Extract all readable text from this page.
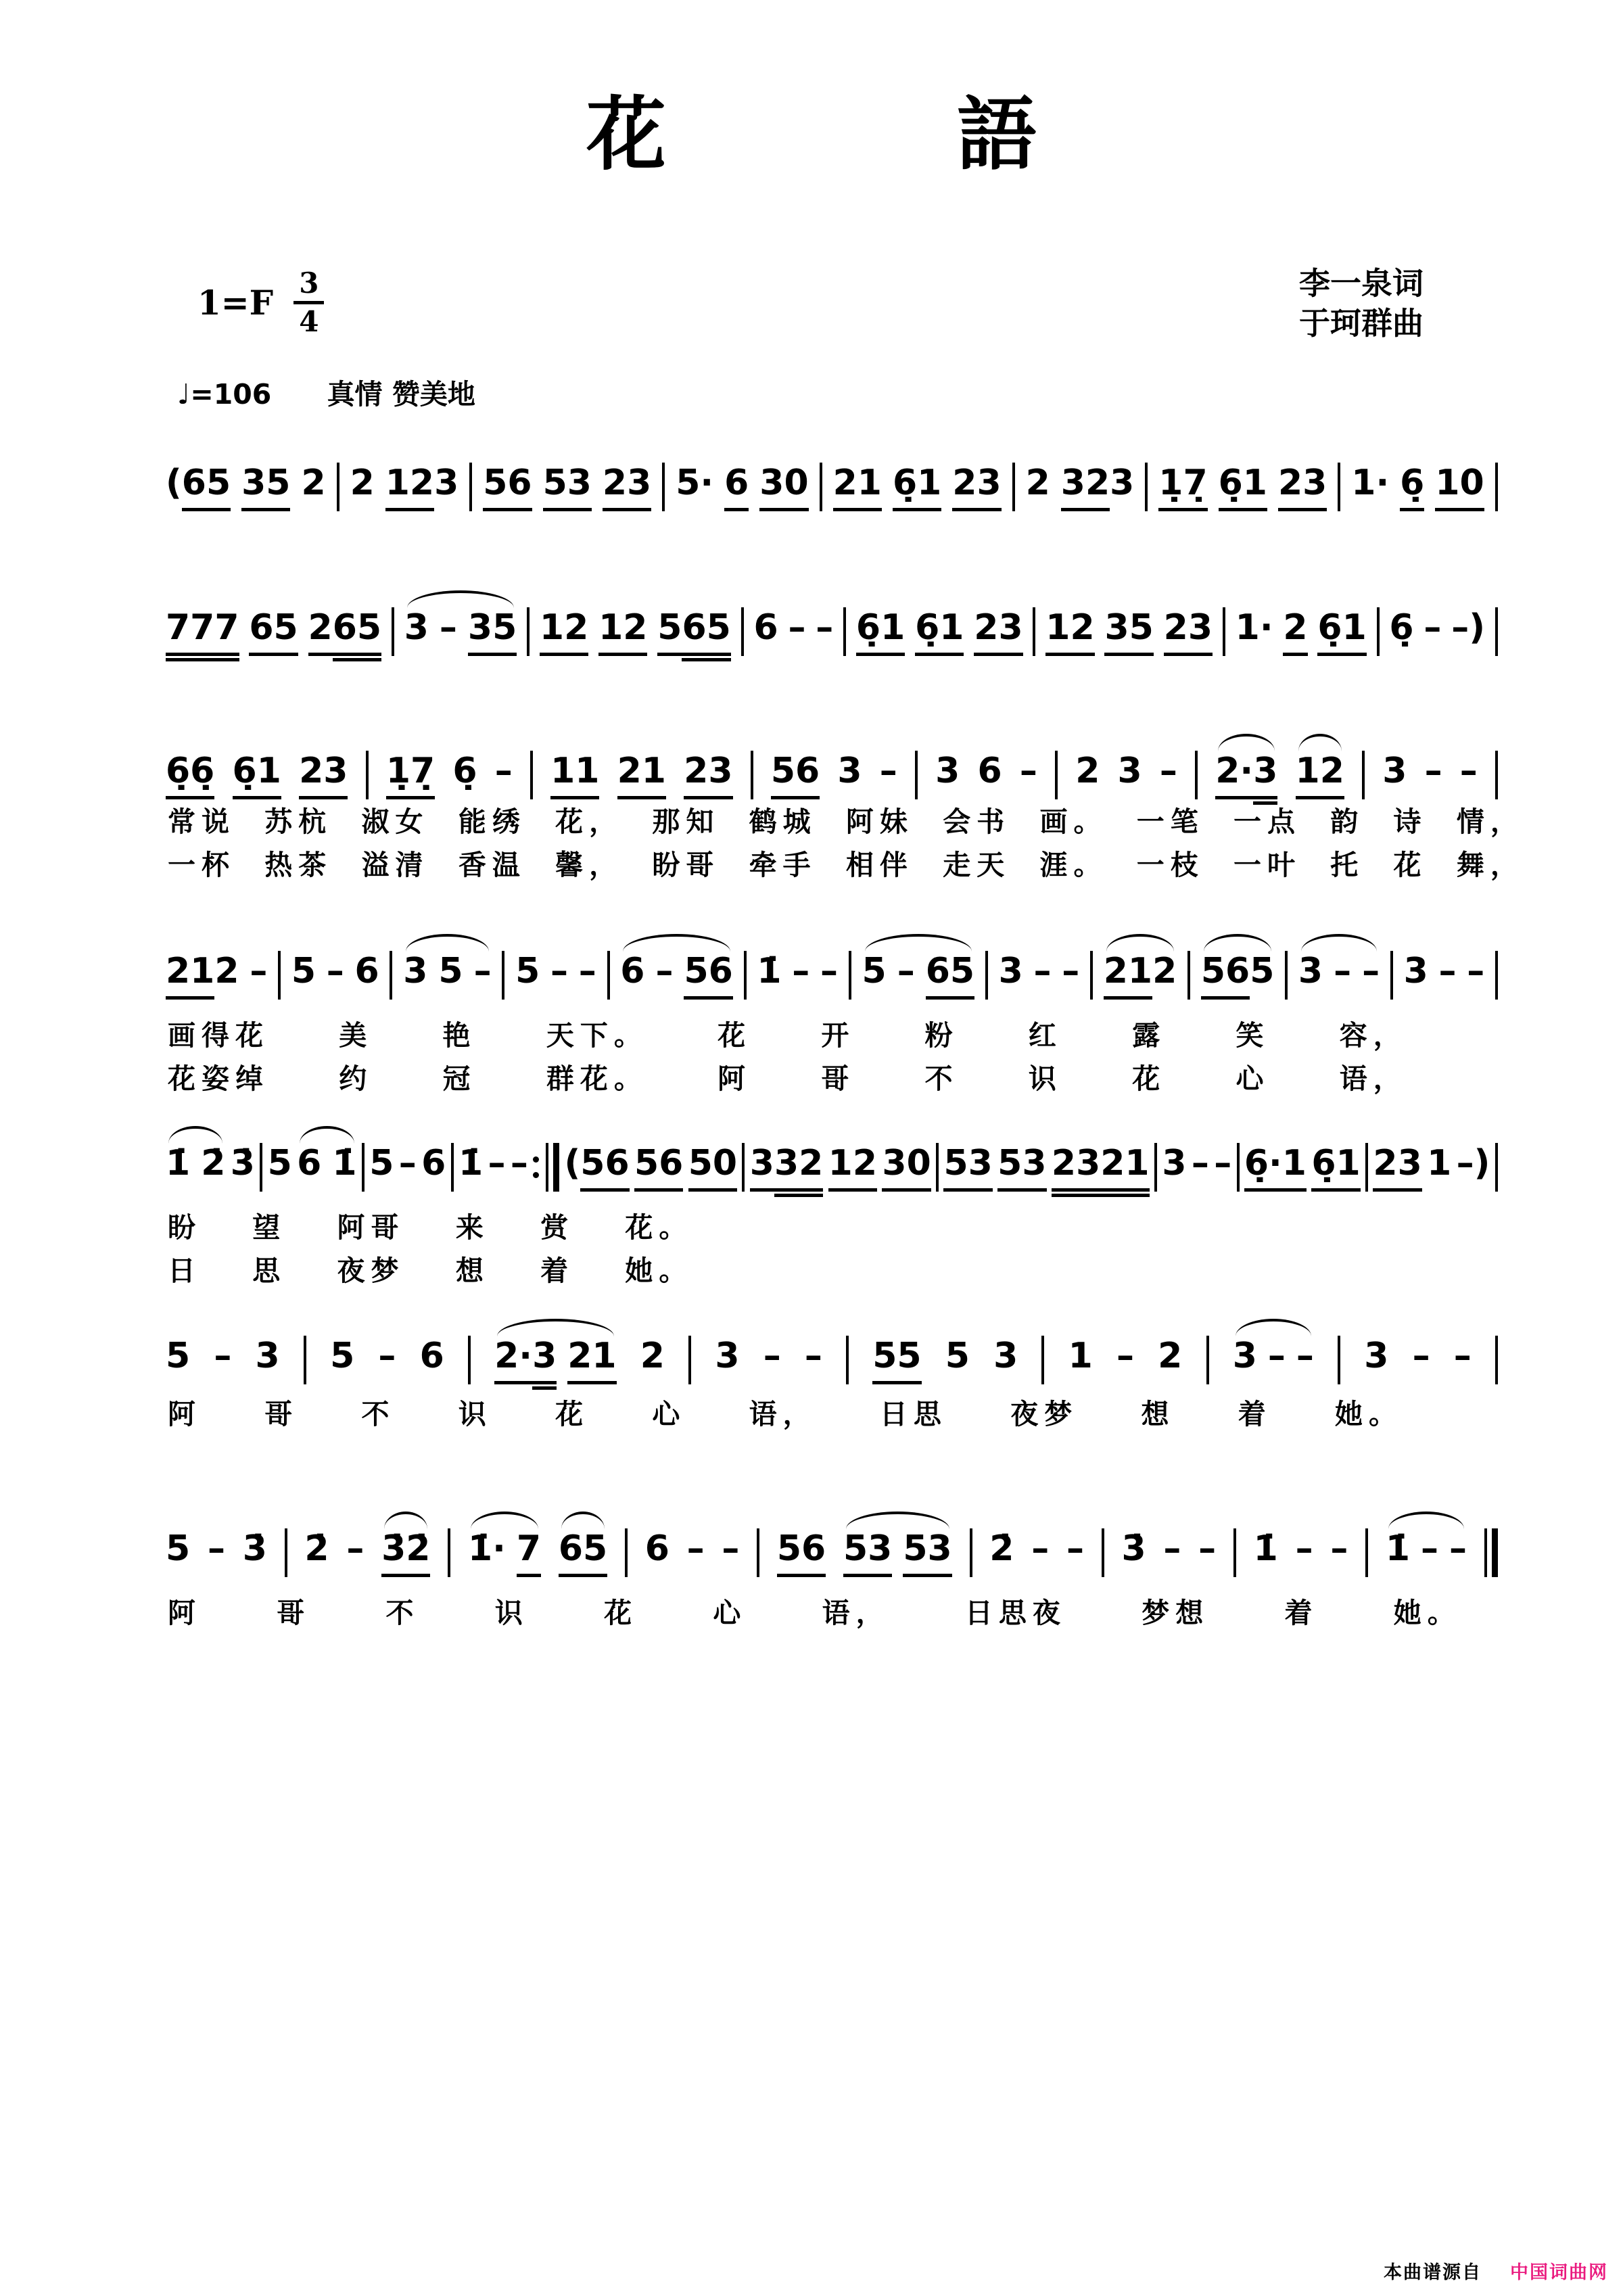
花	語
$1=F \frac{3}{4}$	李一泉词
于珂群曲
♩=106 真情 赞美地
( 65 35 2 2 12 3 56 53 23 5· 6 30 21 6̣1 23 2 32 3 1̣7̣ 6̣1 23 1· 6̣ 10
777 65 2 65 3 – 35 12 12 5 65 6 – – 6̣1 6̣1 23 12 35 23 1· 2 6̣1 6̣ – – )
6̣6̣ 6̣1 23 1̣7̣ 6̣ – 11 21 23 56 3 – 3 6 – 2 3 – 2· 3 12 3 – –
21 2 – 5 – 6 3 5 – 5 – – 6 – 56 1̇ – – 5 – 65 3 – – 21 2 56 5 3 – – 3 – –
1̇ 2̇ 3̇ 5 6 1̇ 5 – 6 1̇ – – ( 56 56 50 3 32 12 30 53 53 2321 3 – – 6̣·1 6̣1 23 1 – )
5 – 3 5 – 6 2· 3 21 2 3 – – 55 5 3 1 – 2 3 – – 3 – –
5 – 3̇ 2̇ – 3̇2̇ 1̇· 7 65 6 – – 56 53 53 2̇ – – 3̇ – – 1̇ – – 1̇ – –
常说 苏杭 淑女 能绣 花， 那知 鹤城 阿妹 会书 画。 一笔 一点 韵 诗 情，
一杯 热茶 溢清 香温 馨， 盼哥 牵手 相伴 走天 涯。 一枝 一叶 托 花 舞，
画得花 美 艳 天下。 花 开 粉 红 露 笑 容，
花姿绰 约 冠 群花。 阿 哥 不 识 花 心 语，
盼 望 阿哥 来 赏 花。
日 思 夜梦 想 着 她。
阿 哥 不 识 花 心 语， 日思 夜梦 想 着 她。
阿 哥 不 识 花 心 语， 日思夜 梦想 着 她。
本曲谱源自 中国词曲网
